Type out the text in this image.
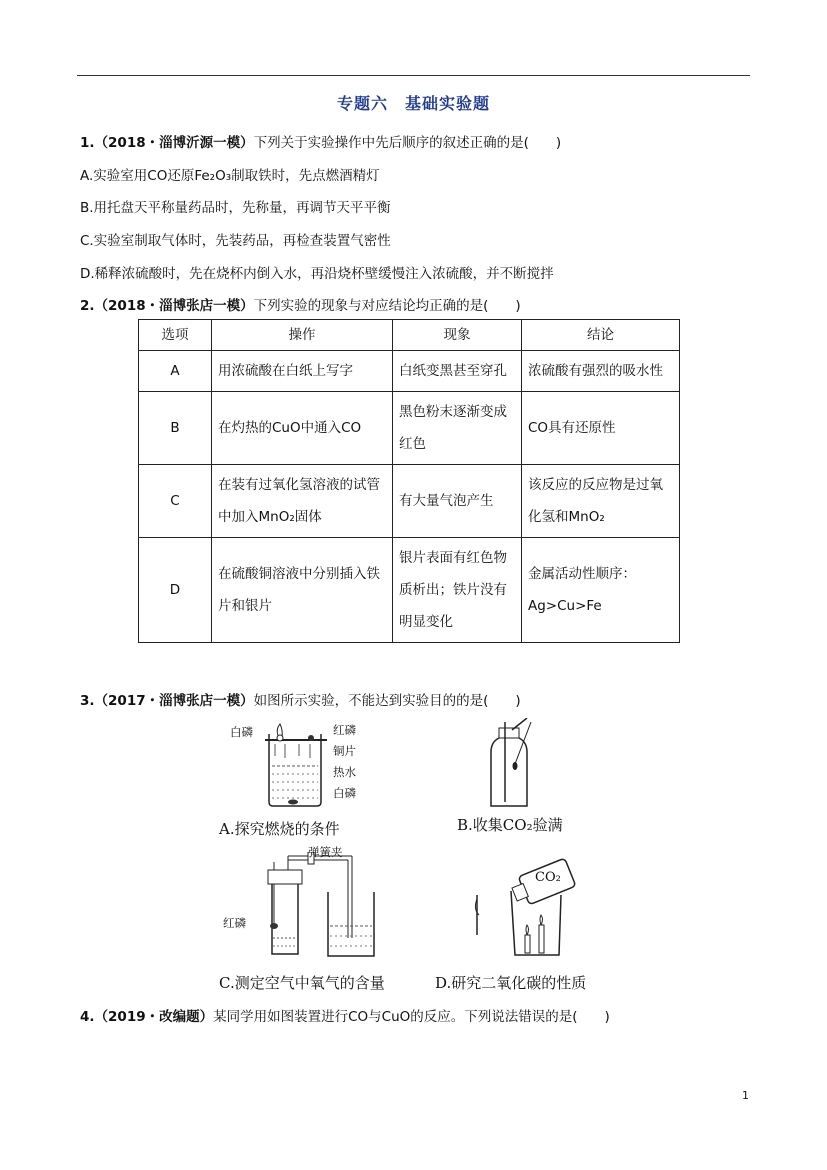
专题六　基础实验题
1.（2018・淄博沂源一模）下列关于实验操作中先后顺序的叙述正确的是(　　)
A.实验室用CO还原Fe₂O₃制取铁时，先点燃酒精灯
B.用托盘天平称量药品时，先称量，再调节天平平衡
C.实验室制取气体时，先装药品，再检查装置气密性
D.稀释浓硫酸时，先在烧杯内倒入水，再沿烧杯壁缓慢注入浓硫酸，并不断搅拌
2.（2018・淄博张店一模）下列实验的现象与对应结论均正确的是(　　)
选项	操作	现象	结论
A	用浓硫酸在白纸上写字	白纸变黑甚至穿孔	浓硫酸有强烈的吸水性
B	在灼热的CuO中通入CO	黑色粉末逐渐变成红色	CO具有还原性
C	在装有过氧化氢溶液的试管中加入MnO₂固体	有大量气泡产生	该反应的反应物是过氧化氢和MnO₂
D	在硫酸铜溶液中分别插入铁片和银片	银片表面有红色物质析出；铁片没有明显变化	金属活动性顺序：Ag>Cu>Fe
3.（2017・淄博张店一模）如图所示实验，不能达到实验目的的是(　　)
白磷	红磷
铜片
热水
白磷
A.探究燃烧的条件	B.收集CO₂验满
弹簧夹
红磷
C.测定空气中氧气的含量
CO₂
D.研究二氧化碳的性质
4.（2019・改编题）某同学用如图装置进行CO与CuO的反应。下列说法错误的是(　　)
1
